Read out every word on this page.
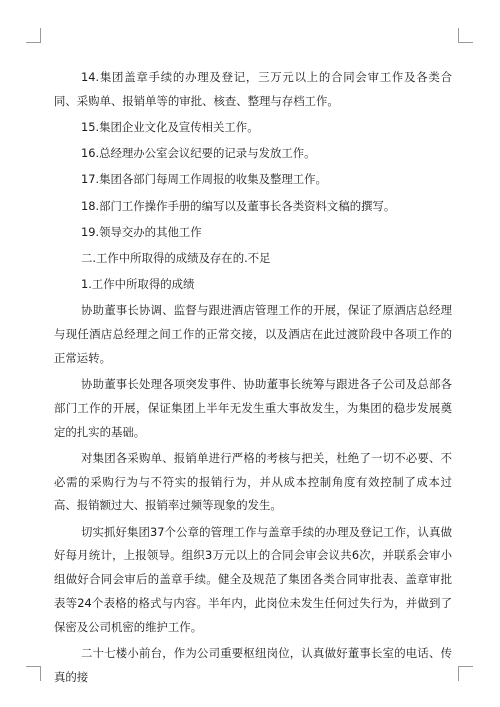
14.集团盖章手续的办理及登记，三万元以上的合同会审工作及各类合同、采购单、报销单等的审批、核查、整理与存档工作。

15.集团企业文化及宣传相关工作。

16.总经理办公室会议纪要的记录与发放工作。

17.集团各部门每周工作周报的收集及整理工作。

18.部门工作操作手册的编写以及董事长各类资料文稿的撰写。

19.领导交办的其他工作

二.工作中所取得的成绩及存在的.不足

1.工作中所取得的成绩

协助董事长协调、监督与跟进酒店管理工作的开展，保证了原酒店总经理与现任酒店总经理之间工作的正常交接，以及酒店在此过渡阶段中各项工作的正常运转。

协助董事长处理各项突发事件、协助董事长统筹与跟进各子公司及总部各部门工作的开展，保证集团上半年无发生重大事故发生，为集团的稳步发展奠定的扎实的基础。

对集团各采购单、报销单进行严格的考核与把关，杜绝了一切不必要、不必需的采购行为与不符实的报销行为，并从成本控制角度有效控制了成本过高、报销额过大、报销率过频等现象的发生。

切实抓好集团37个公章的管理工作与盖章手续的办理及登记工作，认真做好每月统计，上报领导。组织3万元以上的合同会审会议共6次，并联系会审小组做好合同会审后的盖章手续。健全及规范了集团各类合同审批表、盖章审批表等24个表格的格式与内容。半年内，此岗位未发生任何过失行为，并做到了保密及公司机密的维护工作。

二十七楼小前台，作为公司重要枢纽岗位，认真做好董事长室的电话、传真的接
